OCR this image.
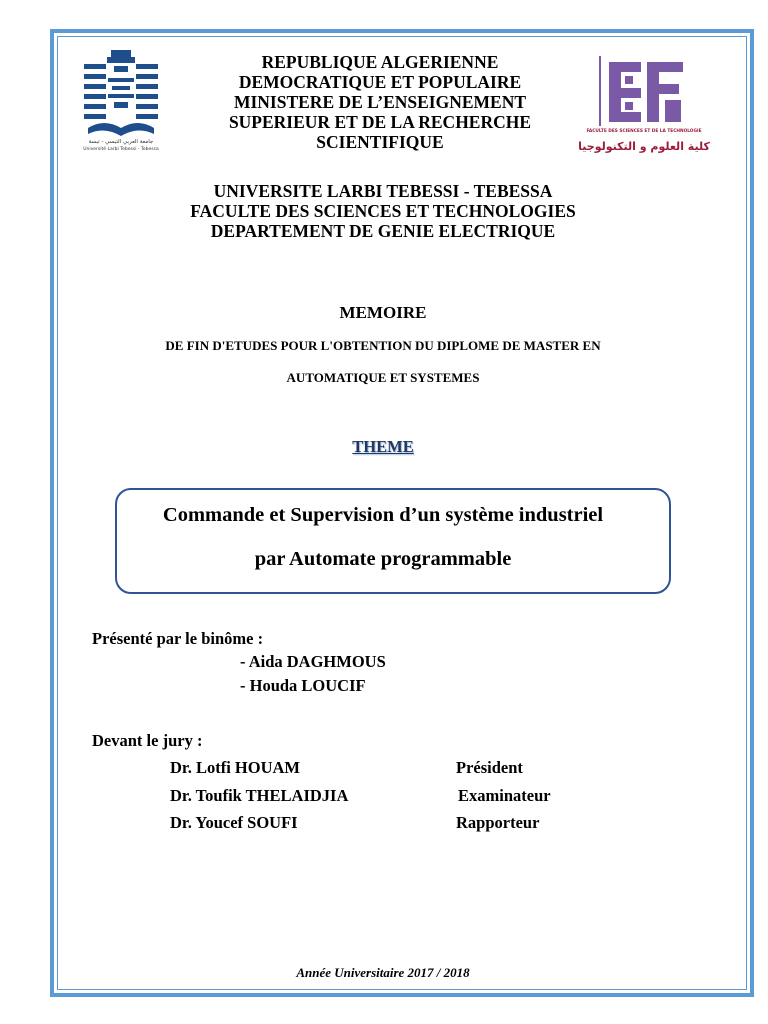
جامعة العربي التبسي - تبسة
Université Larbi Tebessi - Tebessa
FACULTE DES SCIENCES ET DE LA TECHNOLOGIE
كلية العلوم و التكنولوجيا
REPUBLIQUE ALGERIENNE
DEMOCRATIQUE ET POPULAIRE
MINISTERE DE L’ENSEIGNEMENT
SUPERIEUR ET DE LA RECHERCHE
SCIENTIFIQUE
UNIVERSITE LARBI TEBESSI - TEBESSA
FACULTE DES SCIENCES ET TECHNOLOGIES
DEPARTEMENT DE GENIE ELECTRIQUE
MEMOIRE
DE FIN D'ETUDES POUR L'OBTENTION DU DIPLOME DE MASTER EN
AUTOMATIQUE ET SYSTEMES
THEME
Commande et Supervision d’un système industriel
par Automate programmable
Présenté par le binôme :
- Aida DAGHMOUS
- Houda LOUCIF
Devant le jury :
Dr. Lotfi HOUAM	Président
Dr. Toufik THELAIDJIA	Examinateur
Dr. Youcef SOUFI	Rapporteur
Année Universitaire 2017 / 2018
